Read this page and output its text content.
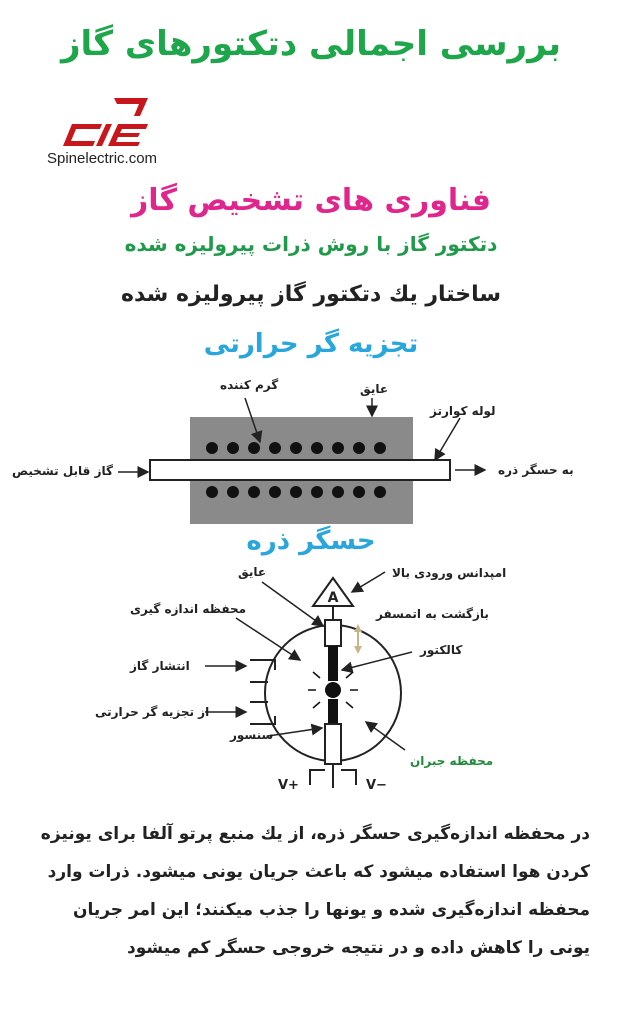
بررسی اجمالی دتکتورهای گاز
Spinelectric.com
فناوری های تشخیص گاز
دتکتور گاز با روش ذرات پیرولیزه شده
ساختار یك دتکتور گاز پیرولیزه شده
تجزیه گر حرارتی
گرم کننده	عایق
لوله کوارتز
گاز قابل تشخیص	به حسگر ذره
حسگر ذره
A
عایق	امپدانس ورودی بالا
محفظه اندازه گیری	بازگشت به اتمسفر
کالکتور
انتشار گاز
از تجزیه گر حرارتی
سنسور
محفظه جبران
V+	V−
در محفظه اندازه‌گیری حسگر ذره، از یك منبع پرتو آلفا برای یونیزه
کردن هوا استفاده میشود که باعث جریان یونی میشود. ذرات وارد
محفظه اندازه‌گیری شده و یونها را جذب میکنند؛ این امر جریان
یونی را کاهش داده و در نتیجه خروجی حسگر کم میشود
